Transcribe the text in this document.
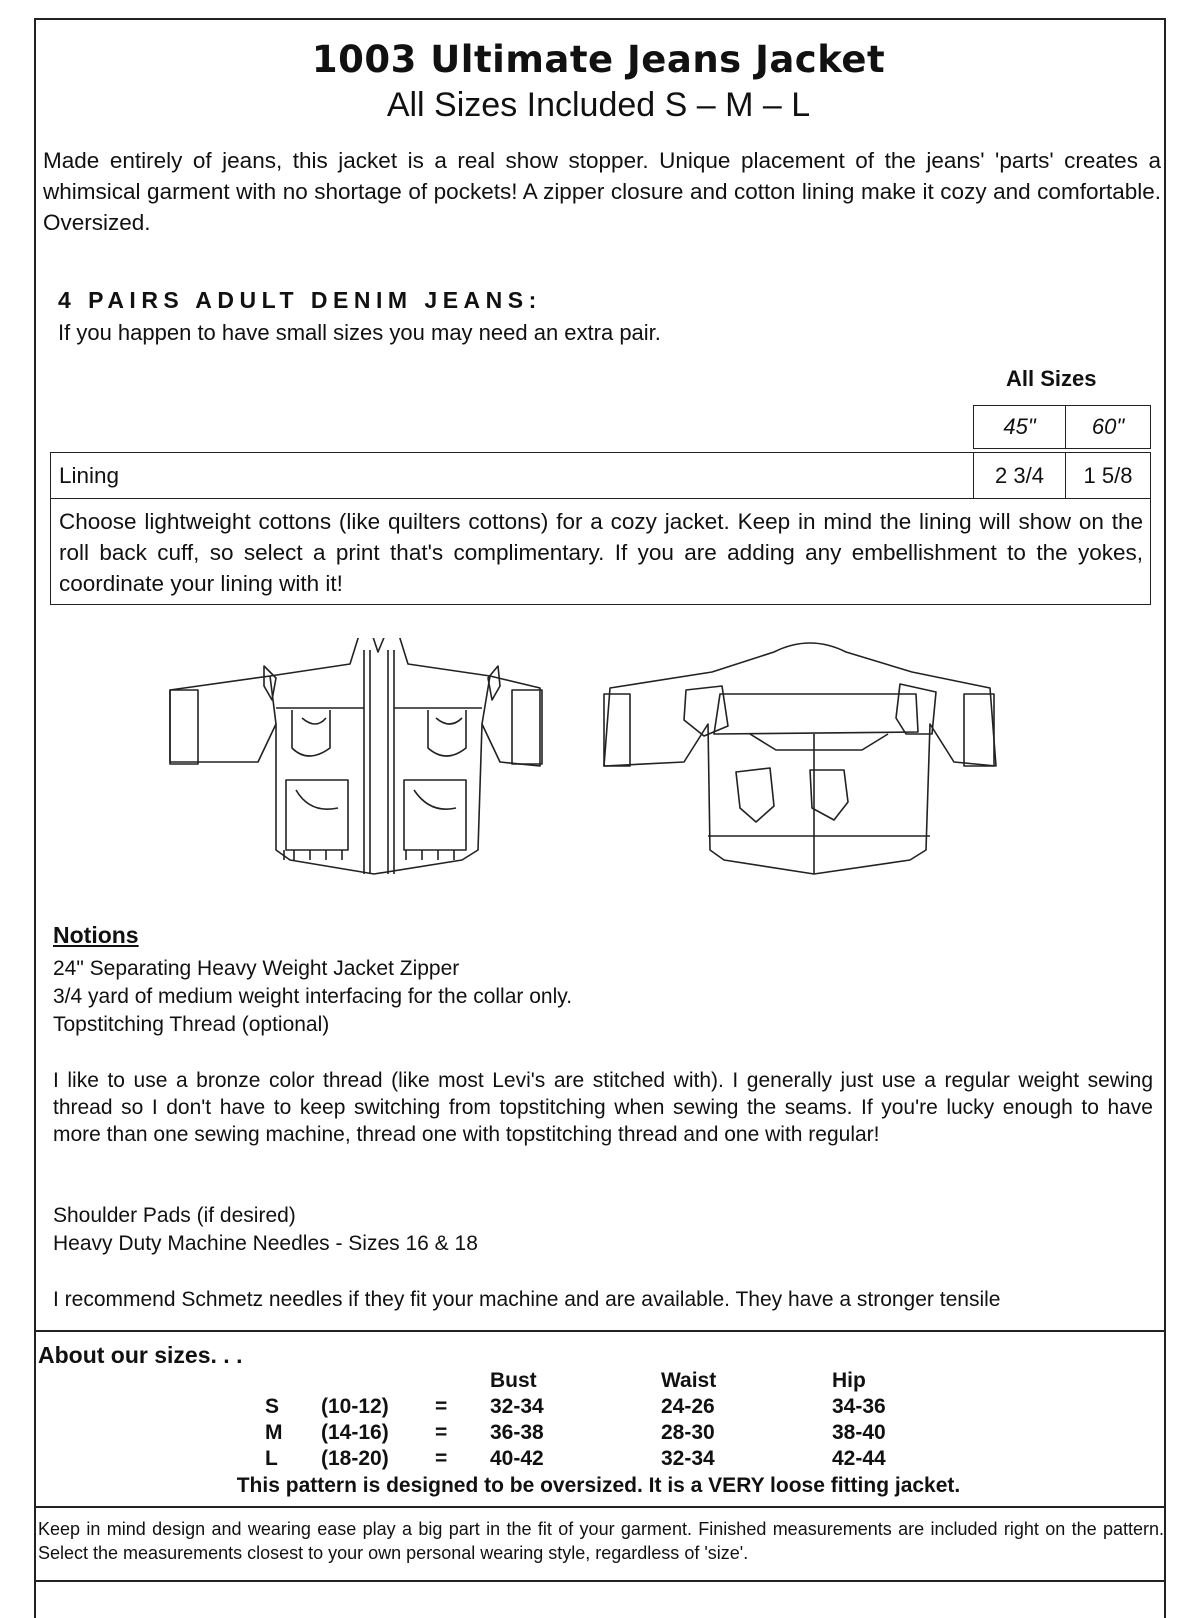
1003 Ultimate Jeans Jacket
All Sizes Included S – M – L
Made entirely of jeans, this jacket is a real show stopper. Unique placement of the jeans' 'parts' creates a whimsical garment with no shortage of pockets! A zipper closure and cotton lining make it cozy and comfortable. Oversized.
4 PAIRS ADULT DENIM JEANS:
If you happen to have small sizes you may need an extra pair.
All Sizes
45"	60"
Lining	2 3/4	1 5/8
Choose lightweight cottons (like quilters cottons) for a cozy jacket. Keep in mind the lining will show on the roll back cuff, so select a print that's complimentary. If you are adding any embellishment to the yokes, coordinate your lining with it!
Notions
24" Separating Heavy Weight Jacket Zipper
3/4 yard of medium weight interfacing for the collar only.
Topstitching Thread (optional)
I like to use a bronze color thread (like most Levi's are stitched with). I generally just use a regular weight sewing thread so I don't have to keep switching from topstitching when sewing the seams. If you're lucky enough to have more than one sewing machine, thread one with topstitching thread and one with regular!
Shoulder Pads (if desired)
Heavy Duty Machine Needles - Sizes 16 & 18
I recommend Schmetz needles if they fit your machine and are available. They have a stronger tensile
About our sizes. . .
Bust	Waist	Hip
S (10-12) = 32-34	24-26	34-36
M (14-16) = 36-38	28-30	38-40
L (18-20) = 40-42	32-34	42-44
This pattern is designed to be oversized. It is a VERY loose fitting jacket.
Keep in mind design and wearing ease play a big part in the fit of your garment. Finished measurements are included right on the pattern. Select the measurements closest to your own personal wearing style, regardless of 'size'.
